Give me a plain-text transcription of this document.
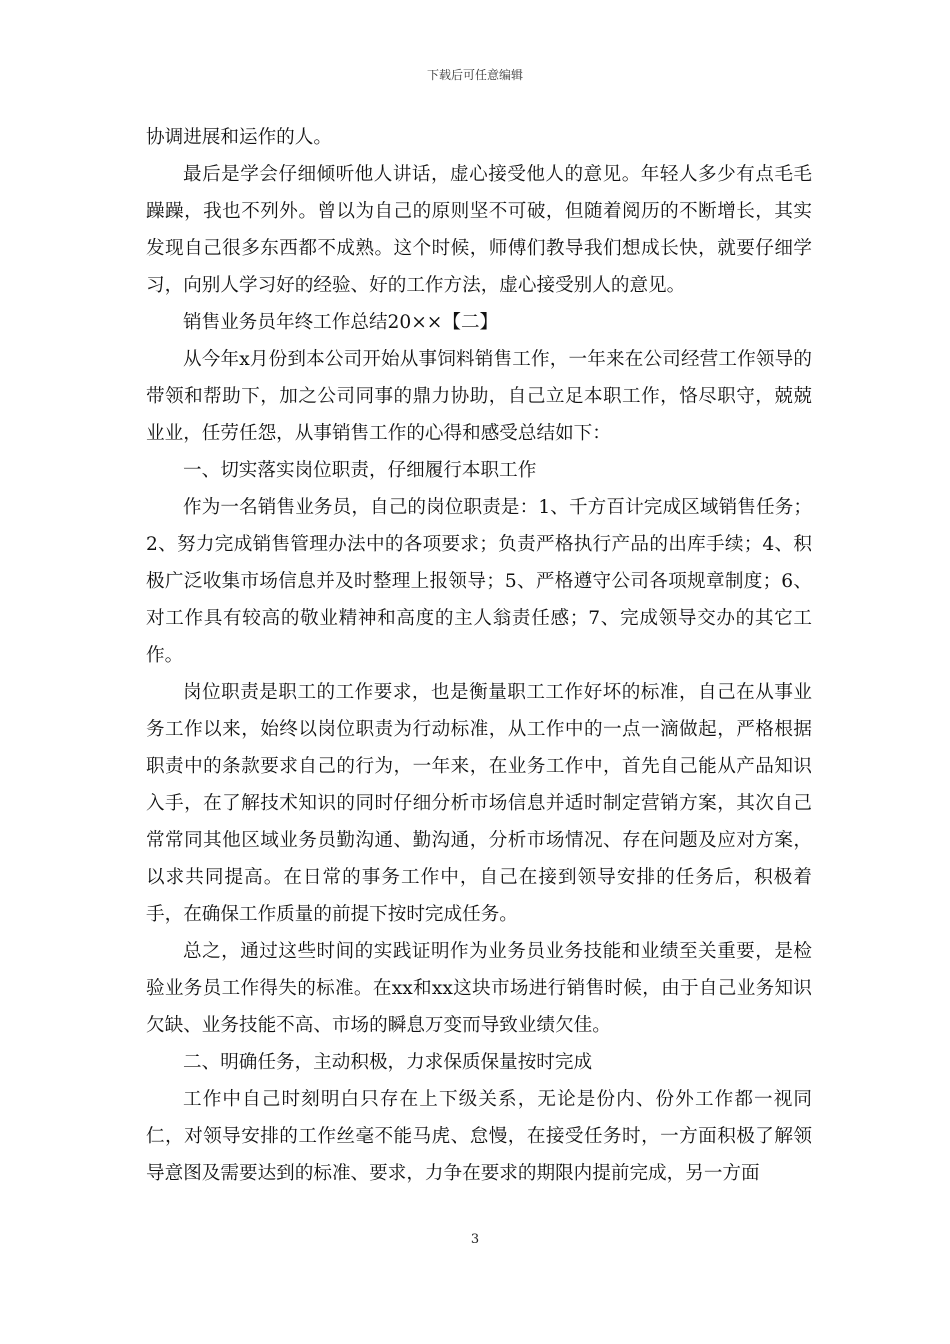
下载后可任意编辑

协调进展和运作的人。

最后是学会仔细倾听他人讲话，虚心接受他人的意见。年轻人多少有点毛毛躁躁，我也不列外。曾以为自己的原则坚不可破，但随着阅历的不断增长，其实发现自己很多东西都不成熟。这个时候，师傅们教导我们想成长快，就要仔细学习，向别人学习好的经验、好的工作方法，虚心接受别人的意见。

销售业务员年终工作总结20××【二】

从今年x月份到本公司开始从事饲料销售工作，一年来在公司经营工作领导的带领和帮助下，加之公司同事的鼎力协助，自己立足本职工作，恪尽职守，兢兢业业，任劳任怨，从事销售工作的心得和感受总结如下：

一、切实落实岗位职责，仔细履行本职工作

作为一名销售业务员，自己的岗位职责是：1、千方百计完成区域销售任务；2、努力完成销售管理办法中的各项要求；负责严格执行产品的出库手续；4、积极广泛收集市场信息并及时整理上报领导；5、严格遵守公司各项规章制度；6、对工作具有较高的敬业精神和高度的主人翁责任感；7、完成领导交办的其它工作。

岗位职责是职工的工作要求，也是衡量职工工作好坏的标准，自己在从事业务工作以来，始终以岗位职责为行动标准，从工作中的一点一滴做起，严格根据职责中的条款要求自己的行为，一年来，在业务工作中，首先自己能从产品知识入手，在了解技术知识的同时仔细分析市场信息并适时制定营销方案，其次自己常常同其他区域业务员勤沟通、勤沟通，分析市场情况、存在问题及应对方案，以求共同提高。在日常的事务工作中，自己在接到领导安排的任务后，积极着手，在确保工作质量的前提下按时完成任务。

总之，通过这些时间的实践证明作为业务员业务技能和业绩至关重要，是检验业务员工作得失的标准。在xx和xx这块市场进行销售时候，由于自己业务知识欠缺、业务技能不高、市场的瞬息万变而导致业绩欠佳。

二、明确任务，主动积极，力求保质保量按时完成

工作中自己时刻明白只存在上下级关系，无论是份内、份外工作都一视同仁，对领导安排的工作丝毫不能马虎、怠慢，在接受任务时，一方面积极了解领导意图及需要达到的标准、要求，力争在要求的期限内提前完成，另一方面

3
